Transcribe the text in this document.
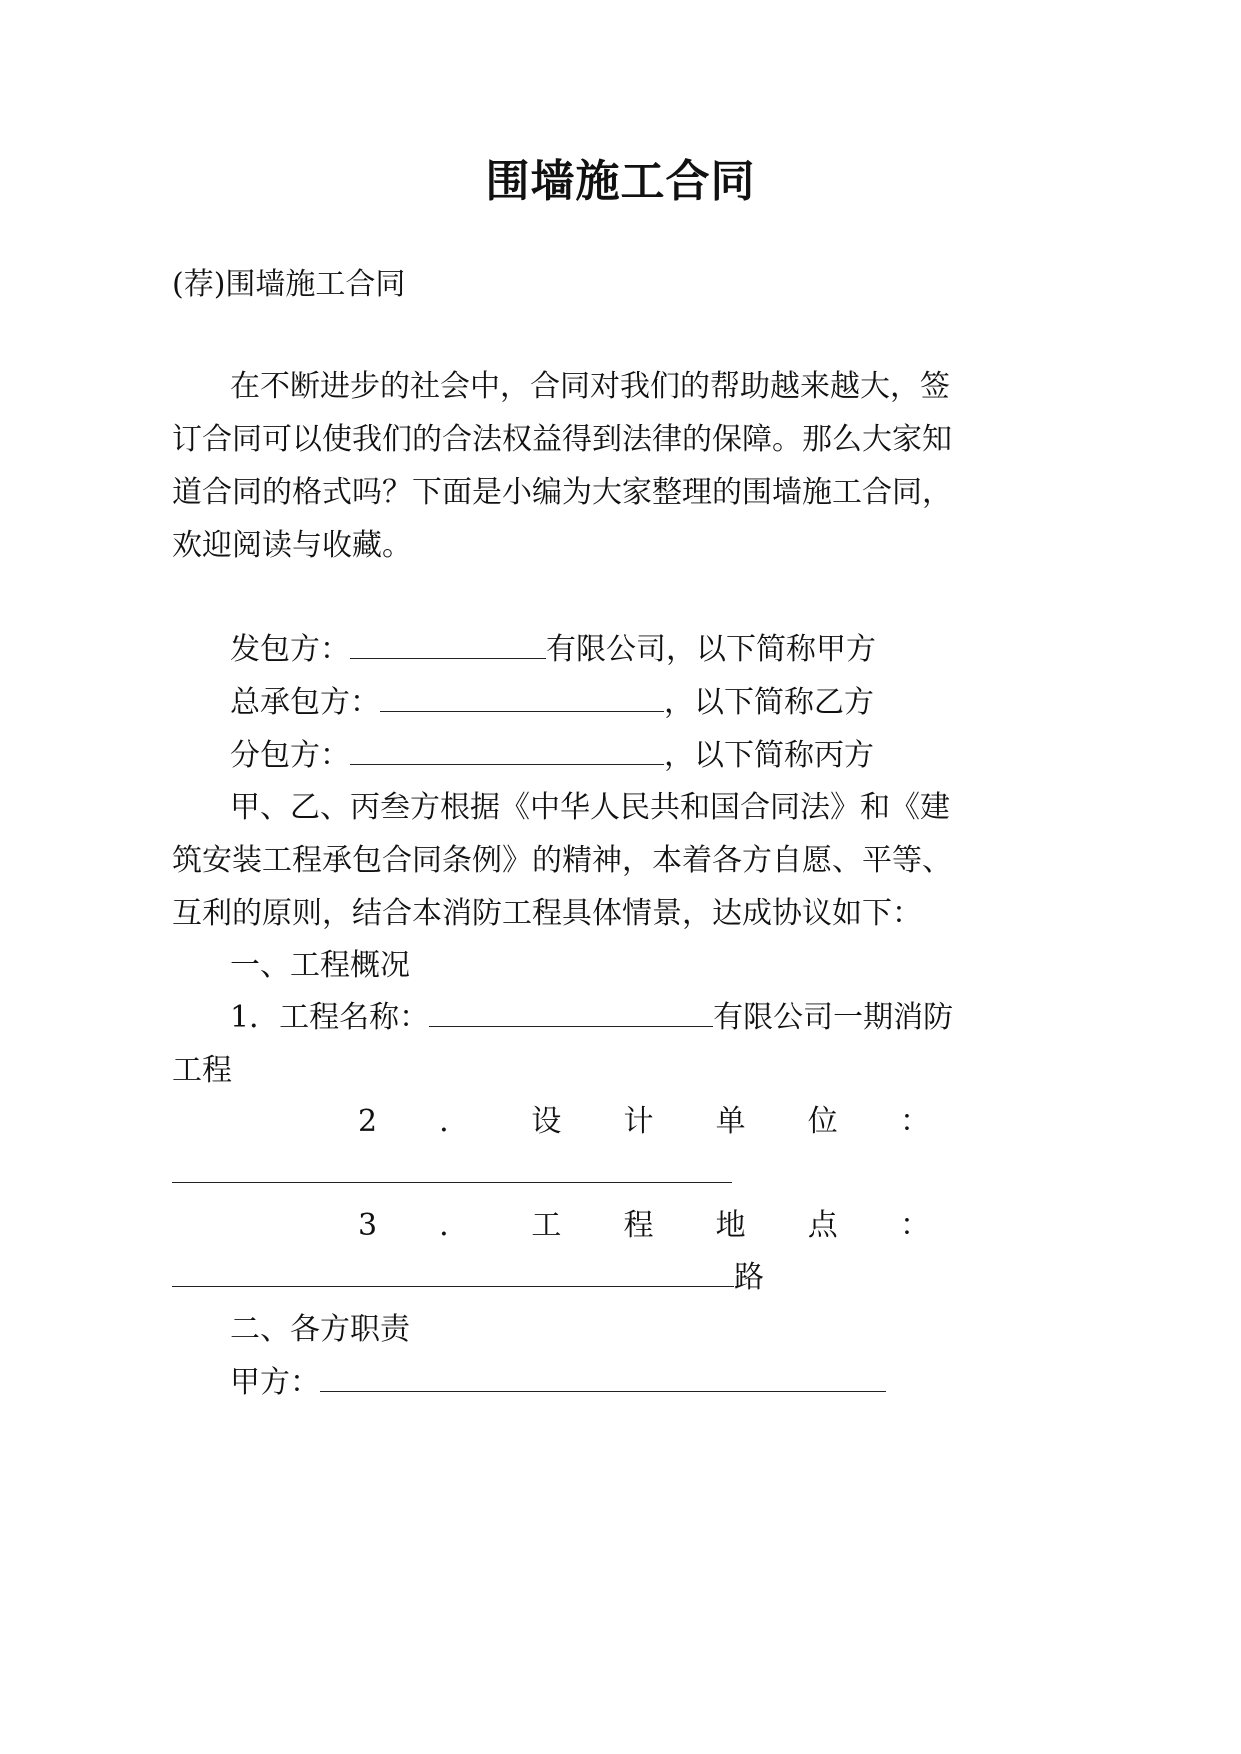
围墙施工合同
(荐)围墙施工合同
在不断进步的社会中，合同对我们的帮助越来越大，签
订合同可以使我们的合法权益得到法律的保障。那么大家知
道合同的格式吗？下面是小编为大家整理的围墙施工合同，
欢迎阅读与收藏。
发包方：	有限公司，以下简称甲方
总承包方：	，以下简称乙方
分包方：	，以下简称丙方
甲、乙、丙叁方根据《中华人民共和国合同法》和《建
筑安装工程承包合同条例》的精神，本着各方自愿、平等、
互利的原则，结合本消防工程具体情景，达成协议如下：
一、工程概况
1．工程名称：	有限公司一期消防
工程
2 ． 设 计 单 位 ：
3 ． 工 程 地 点 ：
路
二、各方职责
甲方：
